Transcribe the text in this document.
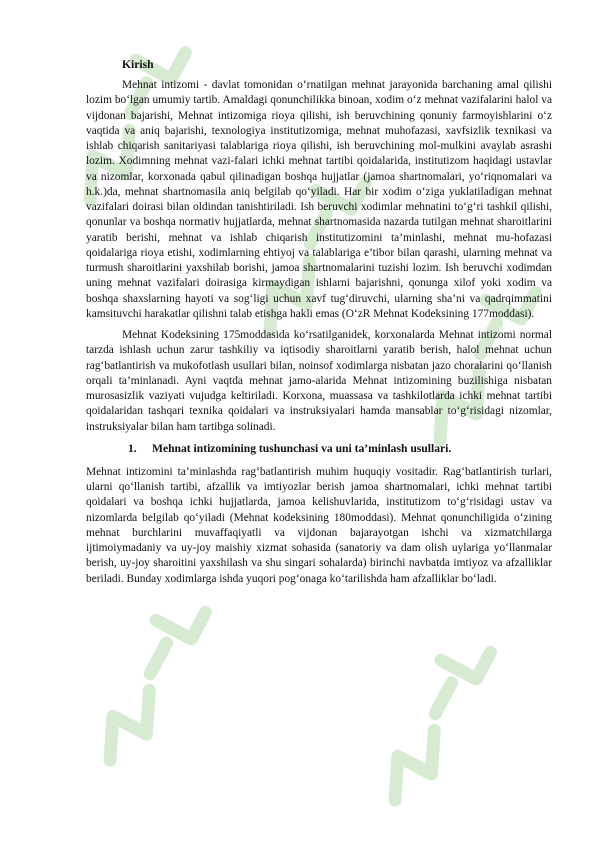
Kirish

Mehnat intizomi - davlat tomonidan o‘rnatilgan mehnat jarayonida barchaning amal qilishi lozim bo‘lgan umumiy tartib. Amaldagi qonunchilikka binoan, xodim o‘z mehnat vazifalarini halol va vijdonan bajarishi, Mehnat intizomiga rioya qilishi, ish beruvchining qonuniy farmoyishlarini o‘z vaqtida va aniq bajarishi, texnologiya institutizomiga, mehnat muhofazasi, xavfsizlik texnikasi va ishlab chiqarish sanitariyasi talablariga rioya qilishi, ish beruvchining mol-mulkini avaylab asrashi lozim. Xodimning mehnat vazi-falari ichki mehnat tartibi qoidalarida, institutizom haqidagi ustavlar va nizomlar, korxonada qabul qilinadigan boshqa hujjatlar (jamoa shartnomalari, yo‘riqnomalari va h.k.)da, mehnat shartnomasila aniq belgilab qo‘yiladi. Har bir xodim o‘ziga yuklatiladigan mehnat vazifalari doirasi bilan oldindan tanishtiriladi. Ish beruvchi xodimlar mehnatini to‘g‘ri tashkil qilishi, qonunlar va boshqa normativ hujjatlarda, mehnat shartnomasida nazarda tutilgan mehnat sharoitlarini yaratib berishi, mehnat va ishlab chiqarish institutizomini ta’minlashi, mehnat mu-hofazasi qoidalariga rioya etishi, xodimlarning ehtiyoj va talablariga e’tibor bilan qarashi, ularning mehnat va turmush sharoitlarini yaxshilab borishi, jamoa shartnomalarini tuzishi lozim. Ish beruvchi xodimdan uning mehnat vazifalari doirasiga kirmaydigan ishlarni bajarishni, qonunga xilof yoki xodim va boshqa shaxslarning hayoti va sog‘ligi uchun xavf tug‘diruvchi, ularning sha’ni va qadrqimmatini kamsituvchi harakatlar qilishni talab etishga hakli emas (O‘zR Mehnat Kodeksining 177moddasi).

Mehnat Kodeksining 175moddasida ko‘rsatilganidek, korxonalarda Mehnat intizomi normal tarzda ishlash uchun zarur tashkiliy va iqtisodiy sharoitlarni yaratib berish, halol mehnat uchun rag‘batlantirish va mukofotlash usullari bilan, noinsof xodimlarga nisbatan jazo choralarini qo‘llanish orqali ta’minlanadi. Ayni vaqtda mehnat jamo-alarida Mehnat intizomining buzilishiga nisbatan murosasizlik vaziyati vujudga keltiriladi. Korxona, muassasa va tashkilotlarda ichki mehnat tartibi qoidalaridan tashqari texnika qoidalari va instruksiyalari hamda mansablar to‘g‘risidagi nizomlar, instruksiyalar bilan ham tartibga solinadi.

1. Mehnat intizomining tushunchasi va uni ta’minlash usullari.

Mehnat intizomini ta’minlashda rag‘batlantirish muhim huquqiy vositadir. Rag‘batlantirish turlari, ularni qo‘llanish tartibi, afzallik va imtiyozlar berish jamoa shartnomalari, ichki mehnat tartibi qoidalari va boshqa ichki hujjatlarda, jamoa kelishuvlarida, institutizom to‘g‘risidagi ustav va nizomlarda belgilab qo‘yiladi (Mehnat kodeksining 180moddasi). Mehnat qonunchiligida o‘zining mehnat burchlarini muvaffaqiyatli va vijdonan bajarayotgan ishchi va xizmatchilarga ijtimoiymadaniy va uy-joy maishiy xizmat sohasida (sanatoriy va dam olish uylariga yo‘llanmalar berish, uy-joy sharoitini yaxshilash va shu singari sohalarda) birinchi navbatda imtiyoz va afzalliklar beriladi. Bunday xodimlarga ishda yuqori pog‘onaga ko‘tarilishda ham afzalliklar bo‘ladi.
